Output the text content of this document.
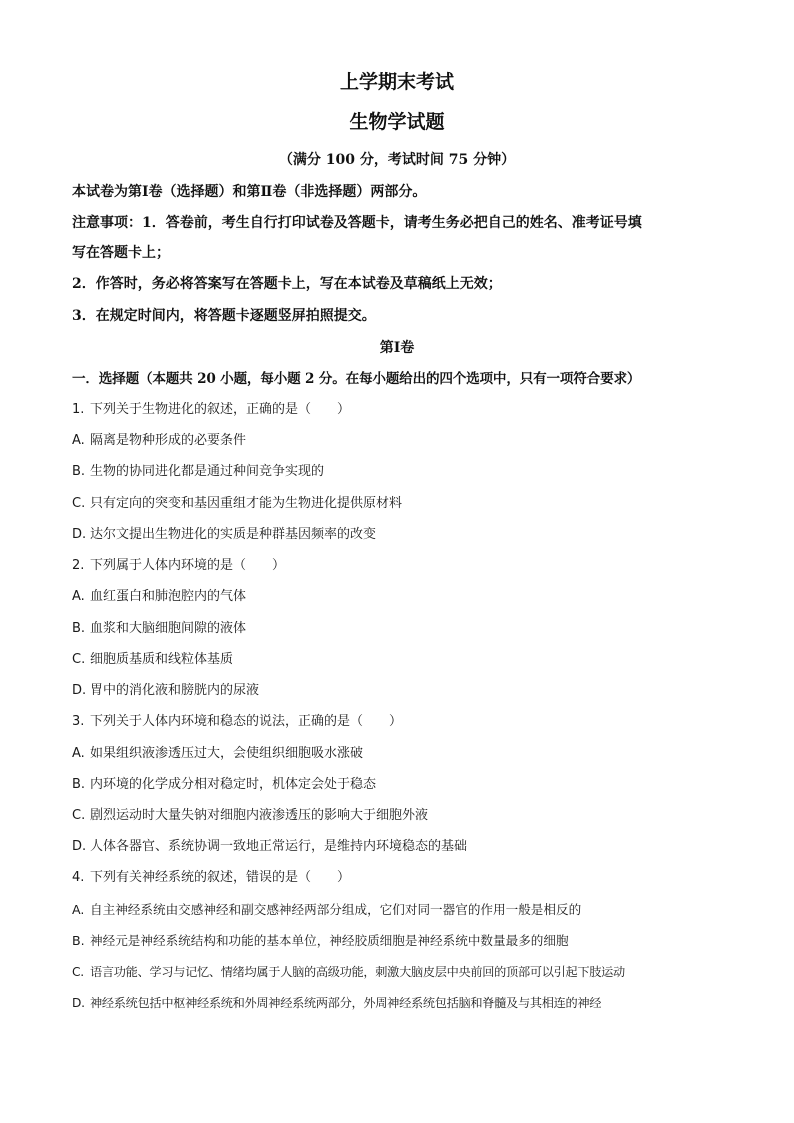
上学期末考试
生物学试题
（满分 100 分，考试时间 75 分钟）
本试卷为第Ⅰ卷（选择题）和第Ⅱ卷（非选择题）两部分。
注意事项：1．答卷前，考生自行打印试卷及答题卡，请考生务必把自己的姓名、准考证号填
写在答题卡上；
2．作答时，务必将答案写在答题卡上，写在本试卷及草稿纸上无效；
3．在规定时间内，将答题卡逐题竖屏拍照提交。
第Ⅰ卷
一．选择题（本题共 20 小题，每小题 2 分。在每小题给出的四个选项中，只有一项符合要求）
1. 下列关于生物进化的叙述，正确的是（　　）
A. 隔离是物种形成的必要条件
B. 生物的协同进化都是通过种间竞争实现的
C. 只有定向的突变和基因重组才能为生物进化提供原材料
D. 达尔文提出生物进化的实质是种群基因频率的改变
2. 下列属于人体内环境的是（　　）
A. 血红蛋白和肺泡腔内的气体
B. 血浆和大脑细胞间隙的液体
C. 细胞质基质和线粒体基质
D. 胃中的消化液和膀胱内的尿液
3. 下列关于人体内环境和稳态的说法，正确的是（　　）
A. 如果组织液渗透压过大，会使组织细胞吸水涨破
B. 内环境的化学成分相对稳定时，机体定会处于稳态
C. 剧烈运动时大量失钠对细胞内液渗透压的影响大于细胞外液
D. 人体各器官、系统协调一致地正常运行，是维持内环境稳态的基础
4. 下列有关神经系统的叙述，错误的是（　　）
A. 自主神经系统由交感神经和副交感神经两部分组成，它们对同一器官的作用一般是相反的
B. 神经元是神经系统结构和功能的基本单位，神经胶质细胞是神经系统中数量最多的细胞
C. 语言功能、学习与记忆、情绪均属于人脑的高级功能，刺激大脑皮层中央前回的顶部可以引起下肢运动
D. 神经系统包括中枢神经系统和外周神经系统两部分，外周神经系统包括脑和脊髓及与其相连的神经
